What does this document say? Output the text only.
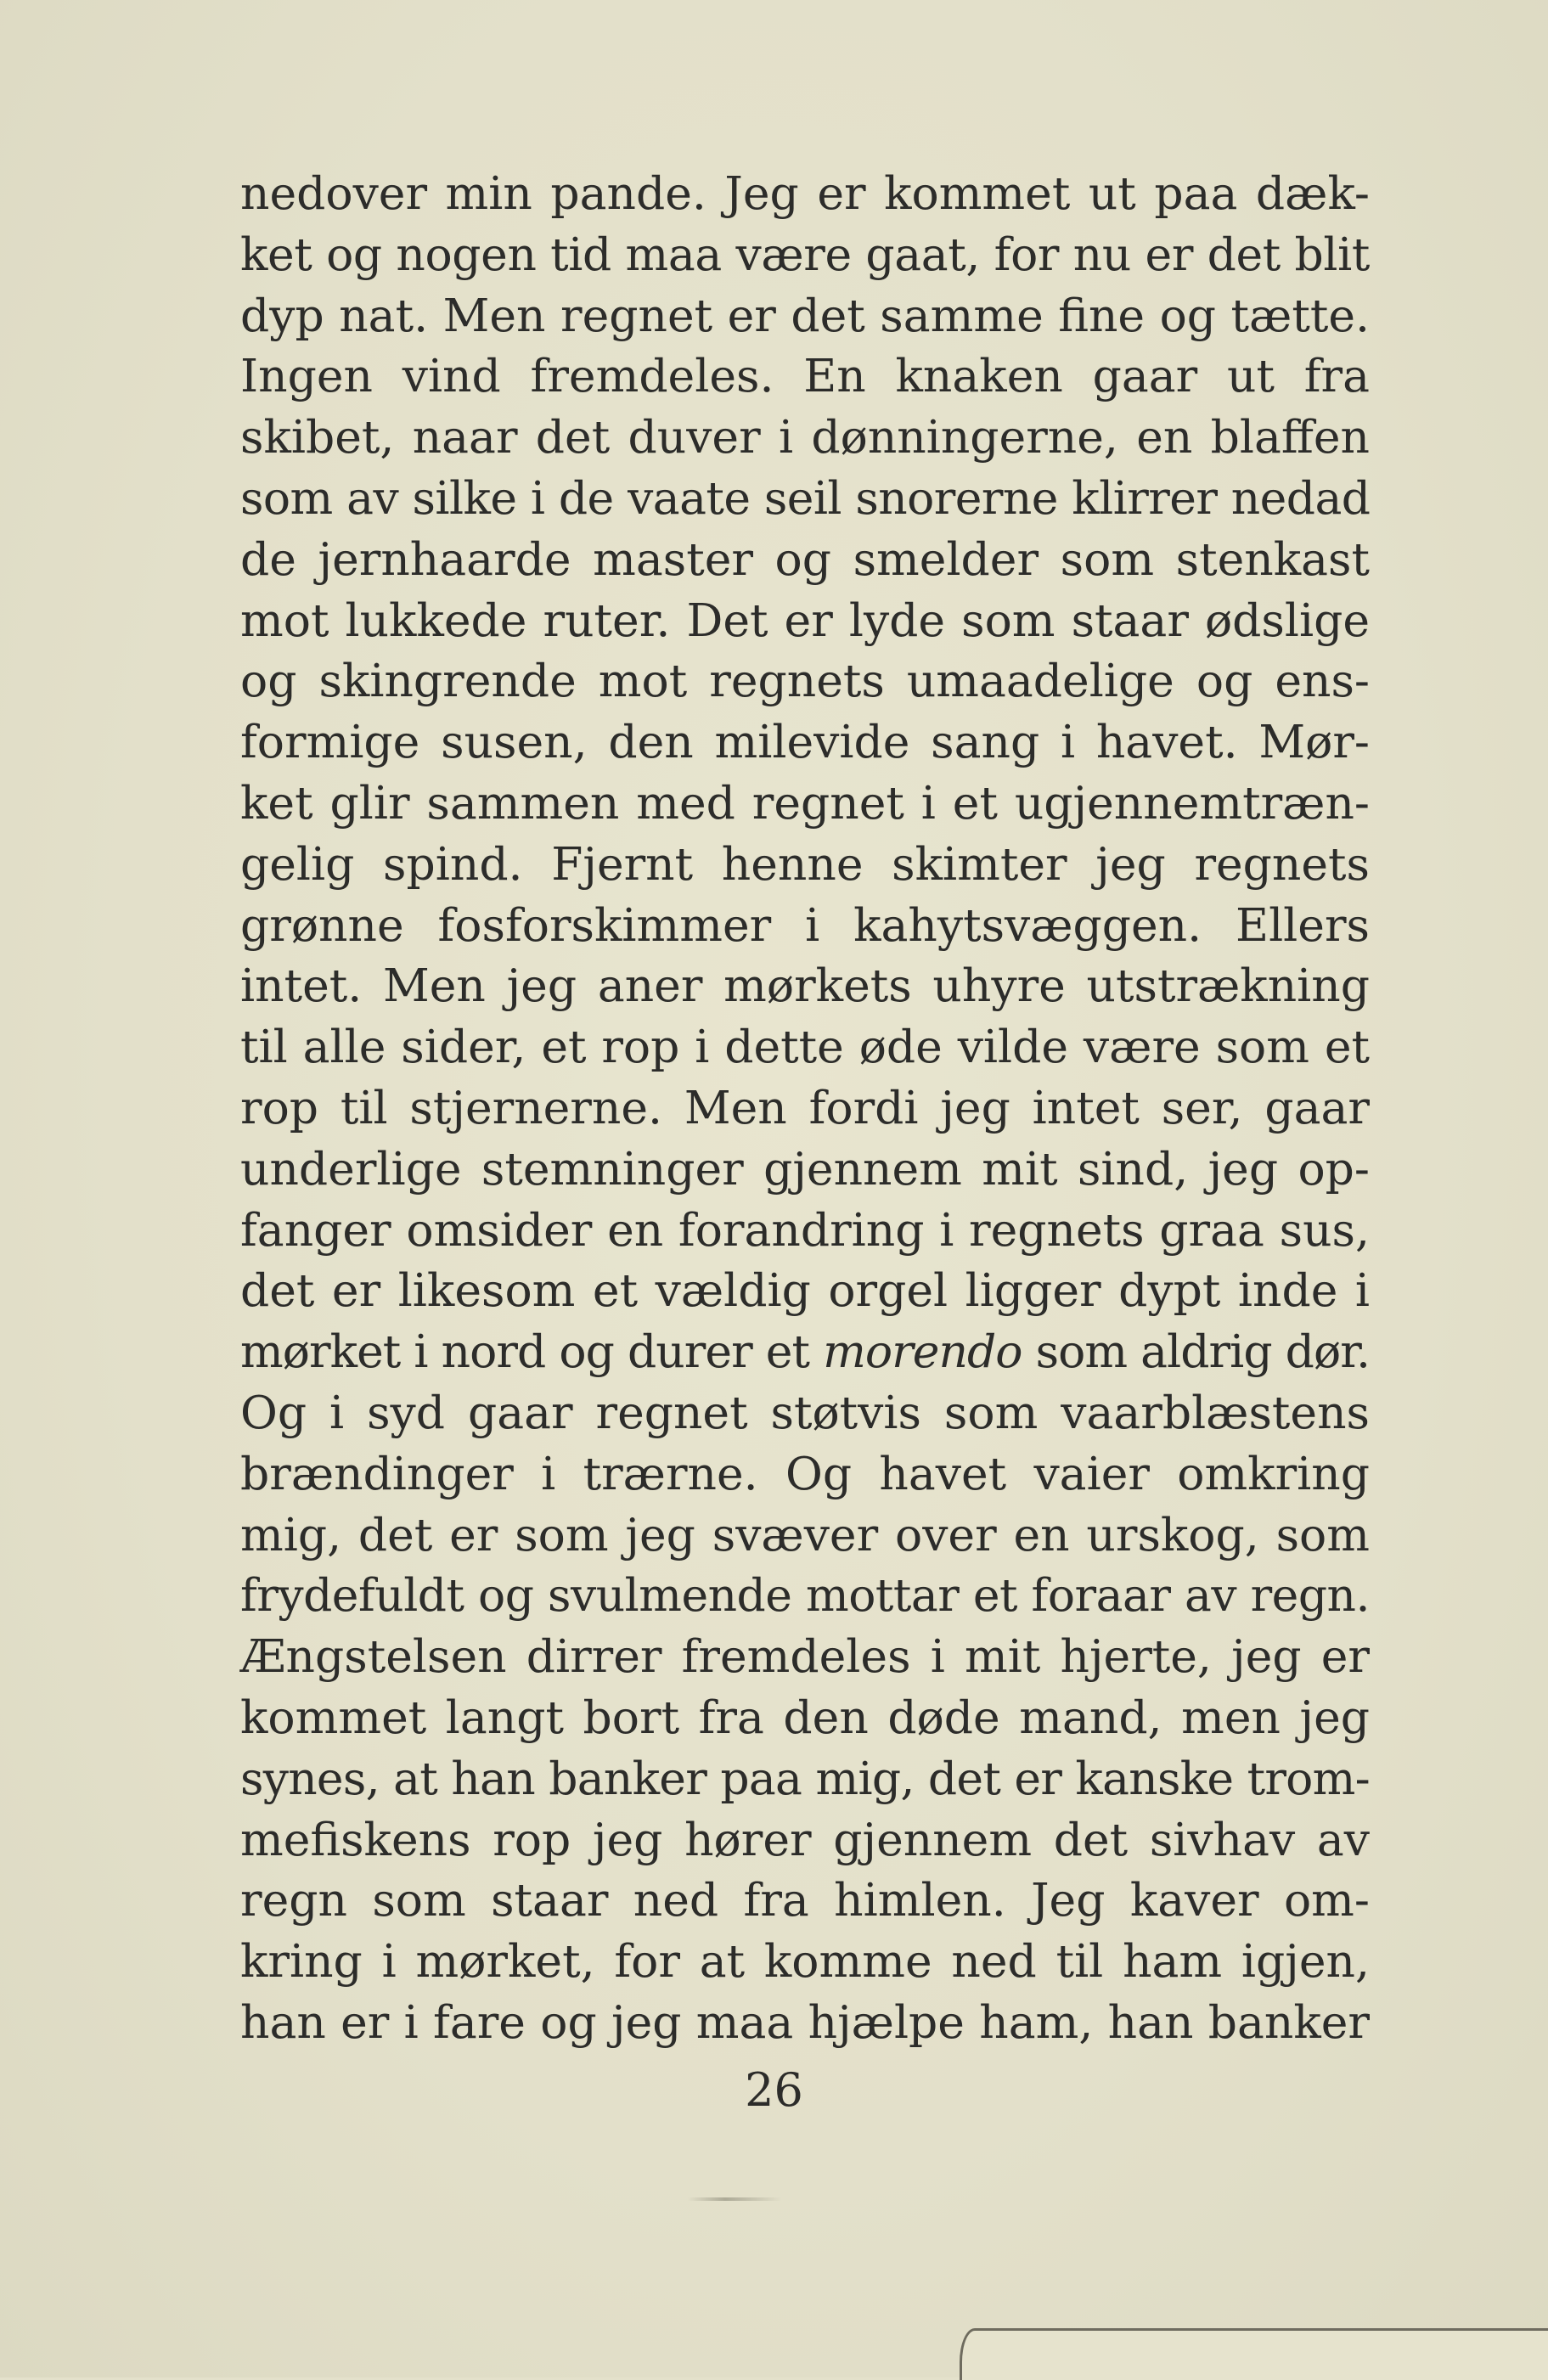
nedover min pande. Jeg er kommet ut paa dæk-
ket og nogen tid maa være gaat, for nu er det blit
dyp nat. Men regnet er det samme fine og tætte.
Ingen vind fremdeles. En knaken gaar ut fra
skibet, naar det duver i dønningerne, en blaffen
som av silke i de vaate seil snorerne klirrer nedad
de jernhaarde master og smelder som stenkast
mot lukkede ruter. Det er lyde som staar ødslige
og skingrende mot regnets umaadelige og ens-
formige susen, den milevide sang i havet. Mør-
ket glir sammen med regnet i et ugjennemtræn-
gelig spind. Fjernt henne skimter jeg regnets
grønne fosforskimmer i kahytsvæggen. Ellers
intet. Men jeg aner mørkets uhyre utstrækning
til alle sider, et rop i dette øde vilde være som et
rop til stjernerne. Men fordi jeg intet ser, gaar
underlige stemninger gjennem mit sind, jeg op-
fanger omsider en forandring i regnets graa sus,
det er likesom et vældig orgel ligger dypt inde i
mørket i nord og durer et morendo som aldrig dør.
Og i syd gaar regnet støtvis som vaarblæstens
brændinger i trærne. Og havet vaier omkring
mig, det er som jeg svæver over en urskog, som
frydefuldt og svulmende mottar et foraar av regn.
Ængstelsen dirrer fremdeles i mit hjerte, jeg er
kommet langt bort fra den døde mand, men jeg
synes, at han banker paa mig, det er kanske trom-
mefiskens rop jeg hører gjennem det sivhav av
regn som staar ned fra himlen. Jeg kaver om-
kring i mørket, for at komme ned til ham igjen,
han er i fare og jeg maa hjælpe ham, han banker
26
